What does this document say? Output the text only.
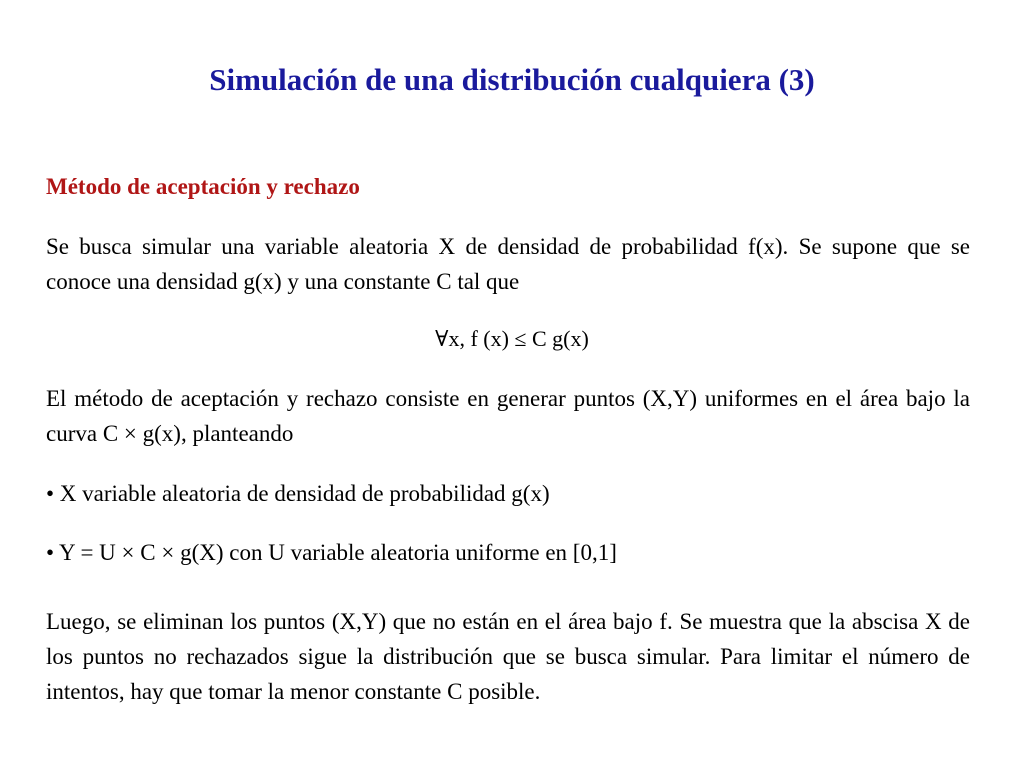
Simulación de una distribución cualquiera (3)
Método de aceptación y rechazo
Se busca simular una variable aleatoria X de densidad de probabilidad f(x). Se supone que se conoce una densidad g(x) y una constante C tal que
∀x, f (x) ≤ C g(x)
El método de aceptación y rechazo consiste en generar puntos (X,Y) uniformes en el área bajo la curva C × g(x), planteando
• X variable aleatoria de densidad de probabilidad g(x)
• Y = U × C × g(X) con U variable aleatoria uniforme en [0,1]
Luego, se eliminan los puntos (X,Y) que no están en el área bajo f. Se muestra que la abscisa X de los puntos no rechazados sigue la distribución que se busca simular. Para limitar el número de intentos, hay que tomar la menor constante C posible.
